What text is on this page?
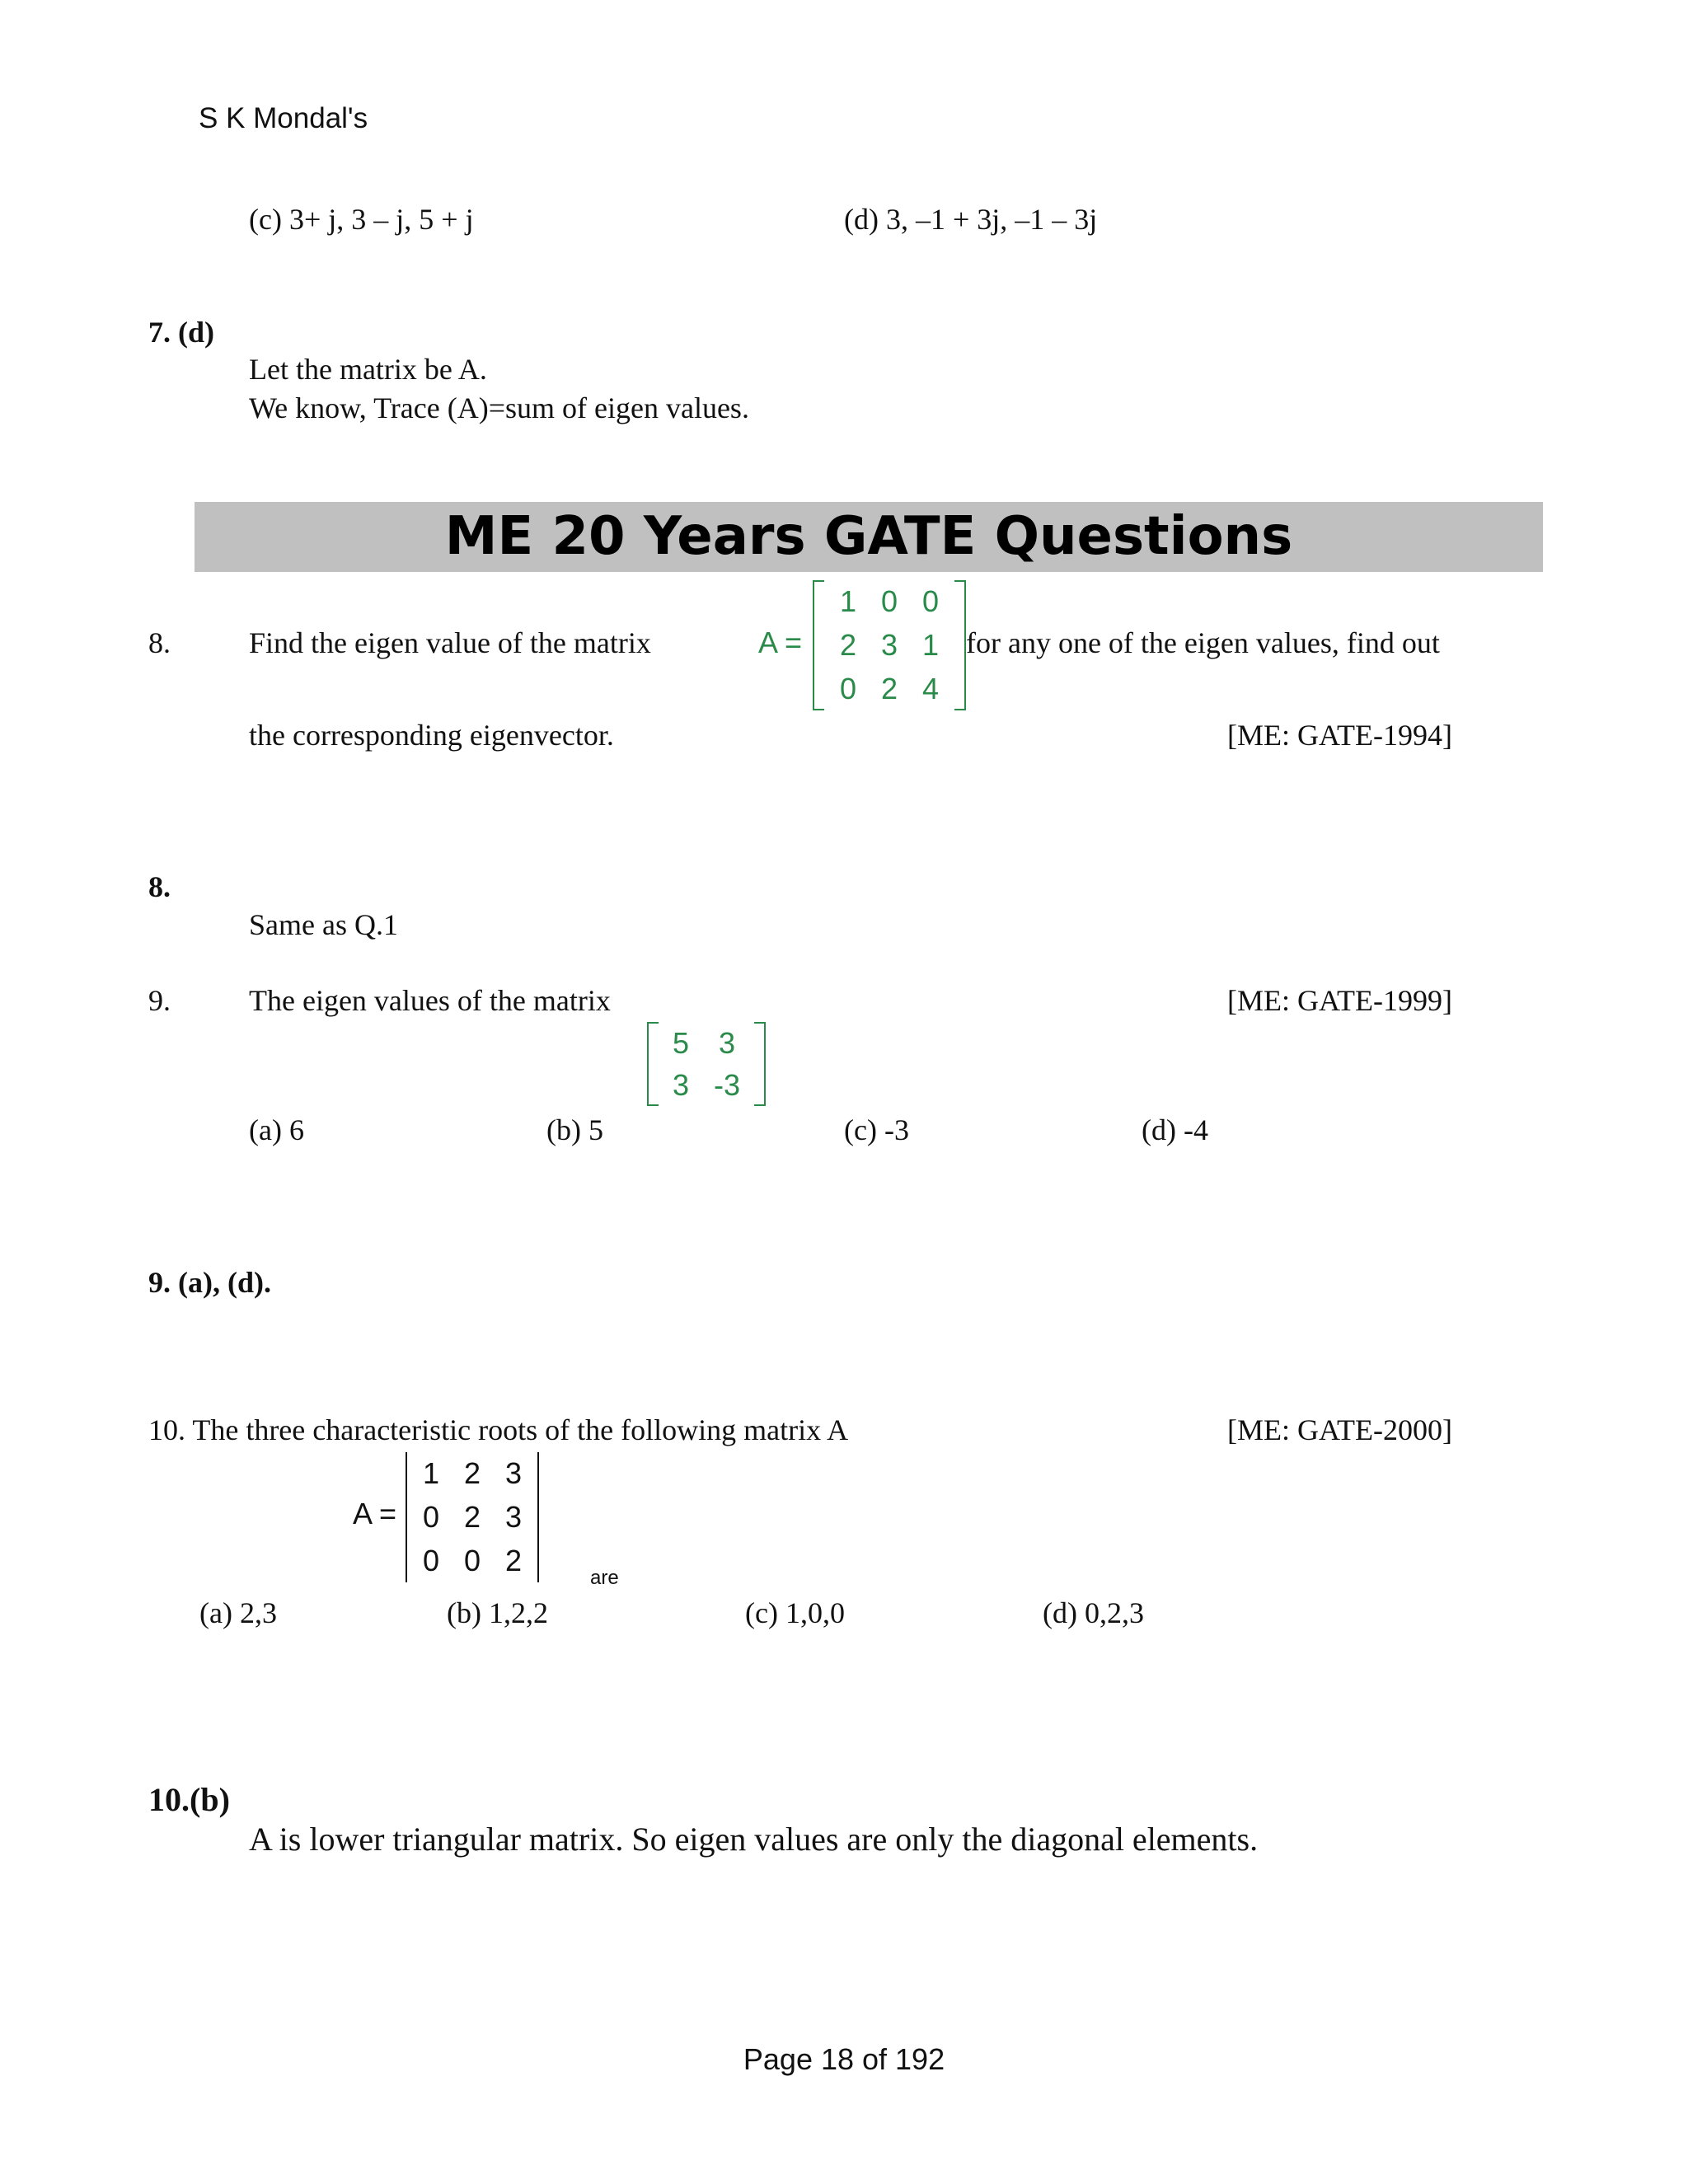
S K Mondal's
(c) 3+ j, 3 – j, 5 + j	(d) 3, –1 + 3j, –1 – 3j
7. (d)
Let the matrix be A.
We know, Trace (A)=sum of eigen values.
ME 20 Years GATE Questions
8.	Find the eigen value of the matrix	A =
1	0	0
2	3	1
0	2	4
for any one of the eigen values, find out
the corresponding eigenvector.	[ME: GATE-1994]
8.
Same as Q.1
9.	The eigen values of the matrix	[ME: GATE-1999]
5	3
3	-3
(a) 6	(b) 5	(c) -3	(d) -4
9. (a), (d).
10. The three characteristic roots of the following matrix A	[ME: GATE-2000]
A =
1	2	3
0	2	3
0	0	2
are
(a) 2,3	(b) 1,2,2	(c) 1,0,0	(d) 0,2,3
10.(b)
A is lower triangular matrix. So eigen values are only the diagonal elements.
Page 18 of 192
